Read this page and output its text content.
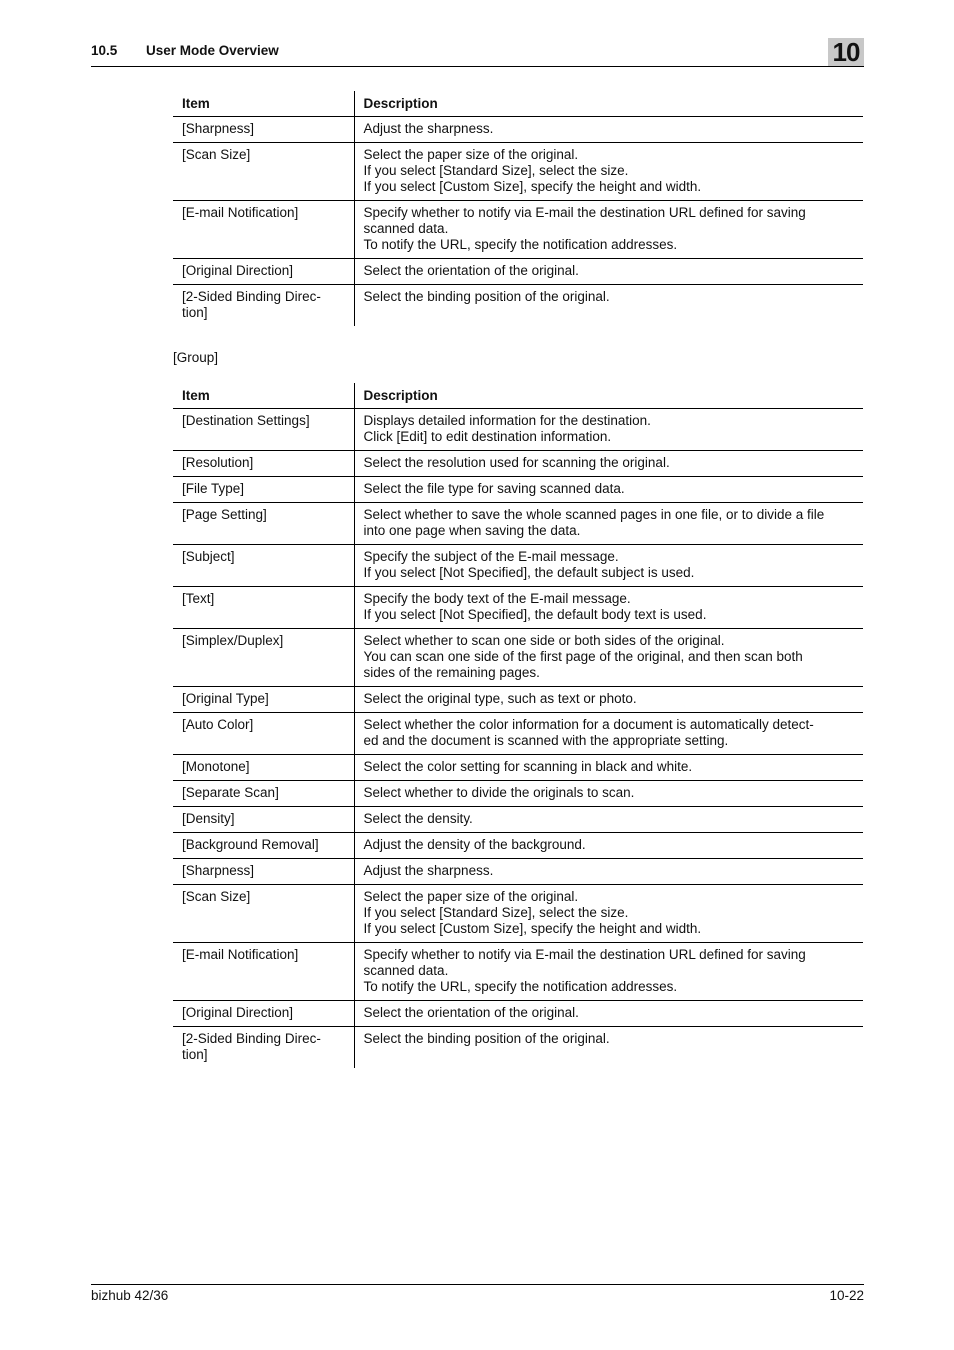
10.5 User Mode Overview	10
Item	Description

[Sharpness]	Adjust the sharpness.

[Scan Size]	Select the paper size of the original.
If you select [Standard Size], select the size.
If you select [Custom Size], specify the height and width.

[E-mail Notification]	Specify whether to notify via E-mail the destination URL defined for saving
scanned data.
To notify the URL, specify the notification addresses.

[Original Direction]	Select the orientation of the original.

[2-Sided Binding Direc-
tion]	Select the binding position of the original.
[Group]
Item	Description

[Destination Settings]	Displays detailed information for the destination.
Click [Edit] to edit destination information.

[Resolution]	Select the resolution used for scanning the original.

[File Type]	Select the file type for saving scanned data.

[Page Setting]	Select whether to save the whole scanned pages in one file, or to divide a file
into one page when saving the data.

[Subject]	Specify the subject of the E-mail message.
If you select [Not Specified], the default subject is used.

[Text]	Specify the body text of the E-mail message.
If you select [Not Specified], the default body text is used.

[Simplex/Duplex]	Select whether to scan one side or both sides of the original.
You can scan one side of the first page of the original, and then scan both
sides of the remaining pages.

[Original Type]	Select the original type, such as text or photo.

[Auto Color]	Select whether the color information for a document is automatically detect-
ed and the document is scanned with the appropriate setting.

[Monotone]	Select the color setting for scanning in black and white.

[Separate Scan]	Select whether to divide the originals to scan.

[Density]	Select the density.

[Background Removal]	Adjust the density of the background.

[Sharpness]	Adjust the sharpness.

[Scan Size]	Select the paper size of the original.
If you select [Standard Size], select the size.
If you select [Custom Size], specify the height and width.

[E-mail Notification]	Specify whether to notify via E-mail the destination URL defined for saving
scanned data.
To notify the URL, specify the notification addresses.

[Original Direction]	Select the orientation of the original.

[2-Sided Binding Direc-
tion]	Select the binding position of the original.
bizhub 42/36	10-22
